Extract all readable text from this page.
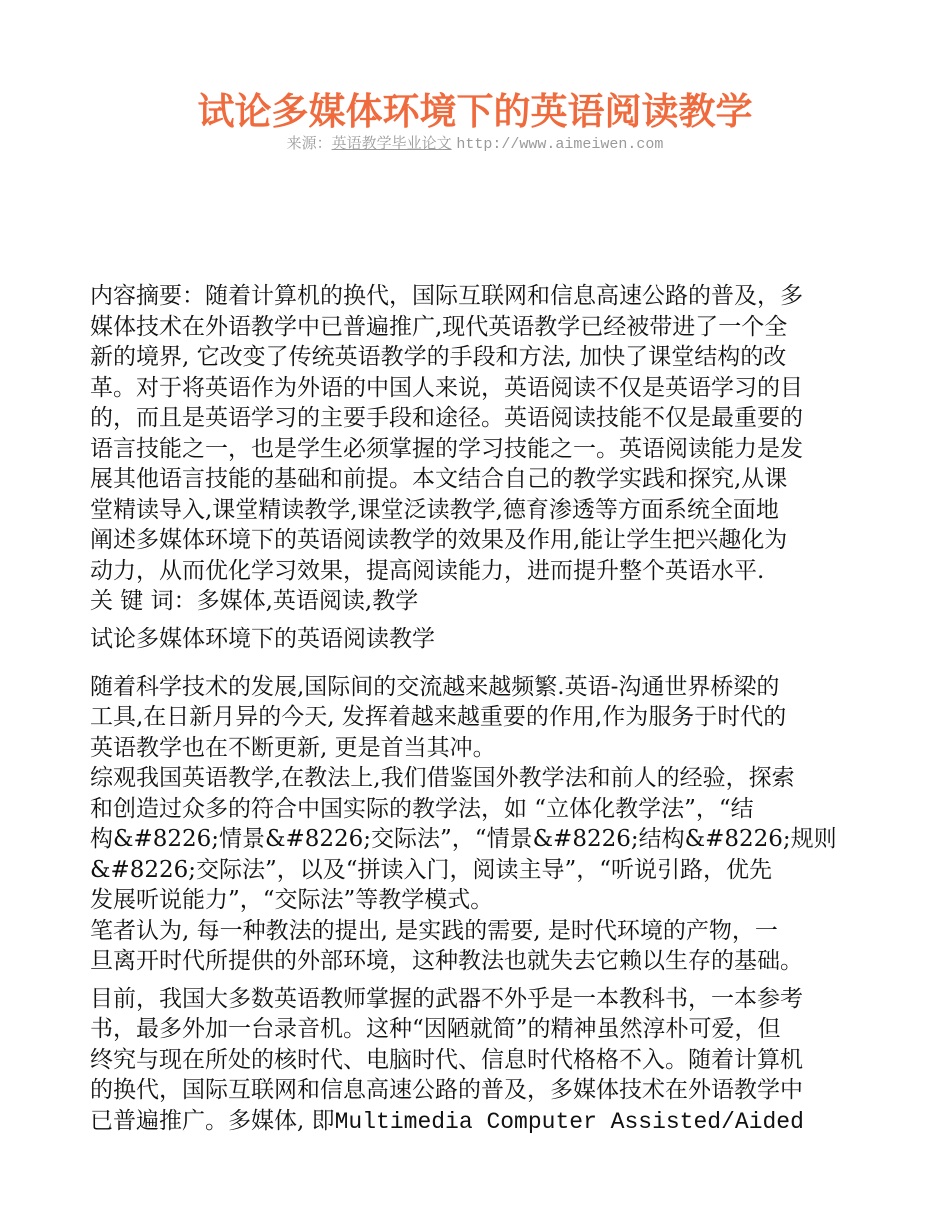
试论多媒体环境下的英语阅读教学
来源：英语教学毕业论文 http://www.aimeiwen.com

内容摘要：随着计算机的换代，国际互联网和信息高速公路的普及，多
媒体技术在外语教学中已普遍推广,现代英语教学已经被带进了一个全
新的境界, 它改变了传统英语教学的手段和方法, 加快了课堂结构的改
革。对于将英语作为外语的中国人来说，英语阅读不仅是英语学习的目
的，而且是英语学习的主要手段和途径。英语阅读技能不仅是最重要的
语言技能之一，也是学生必须掌握的学习技能之一。英语阅读能力是发
展其他语言技能的基础和前提。本文结合自己的教学实践和探究,从课
堂精读导入,课堂精读教学,课堂泛读教学,德育渗透等方面系统全面地
阐述多媒体环境下的英语阅读教学的效果及作用,能让学生把兴趣化为
动力，从而优化学习效果，提高阅读能力，进而提升整个英语水平.
关 键 词：多媒体,英语阅读,教学

试论多媒体环境下的英语阅读教学

随着科学技术的发展,国际间的交流越来越频繁.英语-沟通世界桥梁的
工具,在日新月异的今天, 发挥着越来越重要的作用,作为服务于时代的
英语教学也在不断更新, 更是首当其冲。
综观我国英语教学,在教法上,我们借鉴国外教学法和前人的经验，探索
和创造过众多的符合中国实际的教学法，如 “立体化教学法”，“结
构&#8226;情景&#8226;交际法”，“情景&#8226;结构&#8226;规则
&#8226;交际法”，以及“拼读入门，阅读主导”，“听说引路，优先
发展听说能力”，“交际法”等教学模式。
笔者认为, 每一种教法的提出, 是实践的需要, 是时代环境的产物，一
旦离开时代所提供的外部环境，这种教法也就失去它赖以生存的基础。

目前，我国大多数英语教师掌握的武器不外乎是一本教科书，一本参考
书，最多外加一台录音机。这种“因陋就简”的精神虽然淳朴可爱，但
终究与现在所处的核时代、电脑时代、信息时代格格不入。随着计算机
的换代，国际互联网和信息高速公路的普及，多媒体技术在外语教学中
已普遍推广。多媒体, 即Multimedia Computer Assisted/Aided
